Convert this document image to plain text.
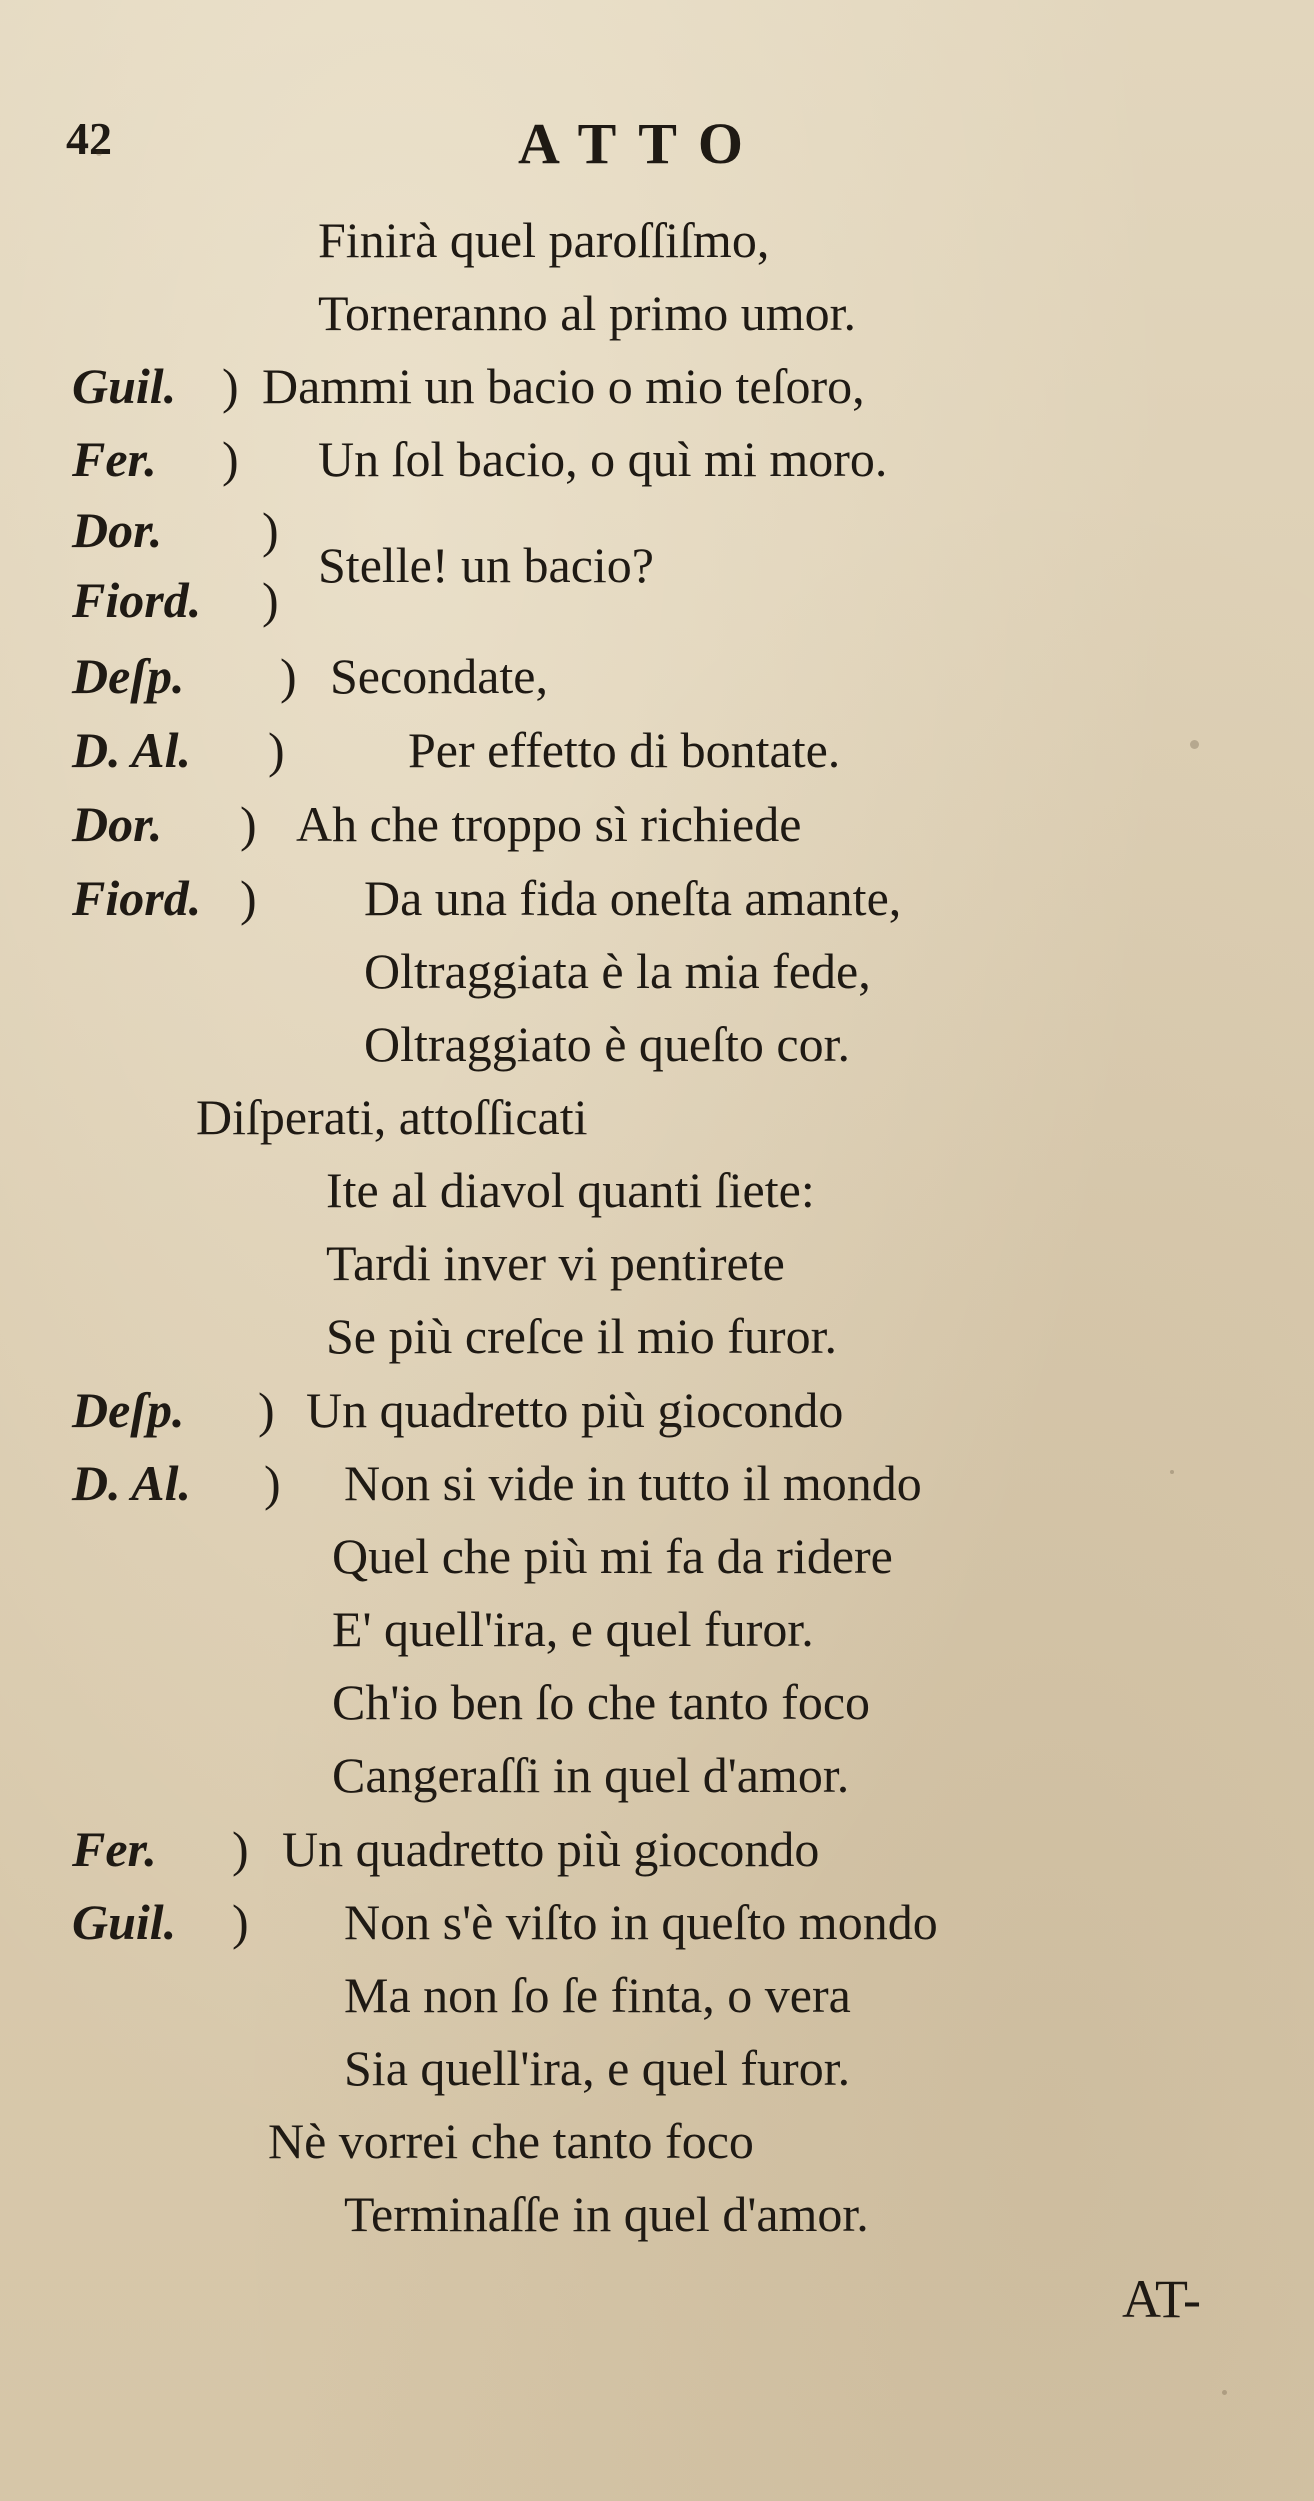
42	ATTO
Finirà quel paroſſiſmo,
Torneranno al primo umor.
Guil. ) Dammi un bacio o mio teſoro,
Fer. ) Un ſol bacio, o quì mi moro.
Dor. )
Fiord. )
Stelle! un bacio?
Deſp. ) Secondate,
D. Al. ) Per effetto di bontate.
Dor. ) Ah che troppo sì richiede
Fiord. ) Da una fida oneſta amante,
Oltraggiata è la mia fede,
Oltraggiato è queſto cor.
Diſperati, attoſſicati
Ite al diavol quanti ſiete:
Tardi inver vi pentirete
Se più creſce il mio furor.
Deſp. ) Un quadretto più giocondo
D. Al. ) Non si vide in tutto il mondo
Quel che più mi fa da ridere
E' quell'ira, e quel furor.
Ch'io ben ſo che tanto foco
Cangeraſſi in quel d'amor.
Fer. ) Un quadretto più giocondo
Guil. ) Non s'è viſto in queſto mondo
Ma non ſo ſe finta, o vera
Sia quell'ira, e quel furor.
Nè vorrei che tanto foco
Terminaſſe in quel d'amor.
AT-
